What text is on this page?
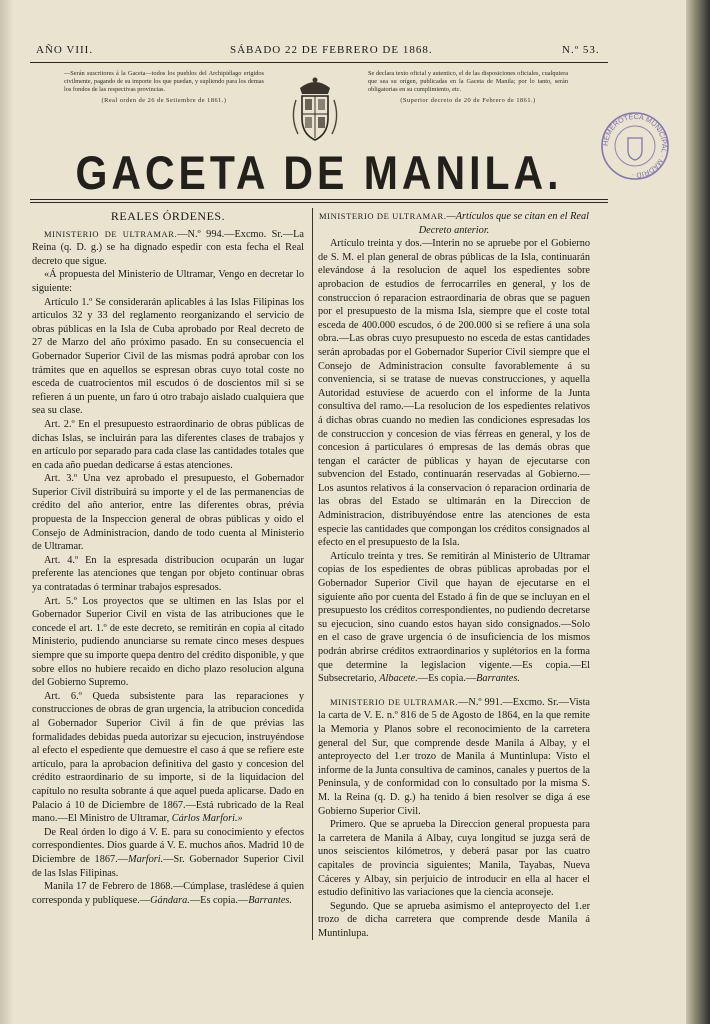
AÑO VIII.	SÁBADO 22 DE FEBRERO DE 1868.	N.º 53.
—Serán suscritores á la Gaceta—todos los pueblos del Archipiélago erigidos civilmente, pagando de su importe los que puedan, y supliendo para los demas los fondos de las respectivas provincias.
(Real orden de 26 de Setiembre de 1861.)
Se declara texto oficial y autentico, el de las disposiciones oficiales, cualquiera que sea su orígen, publicadas en la Gaceta de Manila; por lo tanto, serán obligatorias en su cumplimiento, etc.
(Superior decreto de 20 de Febrero de 1861.)
HEMEROTECA MUNICIPAL · MADRID ·
GACETA DE MANILA.
REALES ÓRDENES.

MINISTERIO DE ULTRAMAR.—N.º 994.—Excmo. Sr.—La Reina (q. D. g.) se ha dignado espedir con esta fecha el Real decreto que sigue.

«Á propuesta del Ministerio de Ultramar, Vengo en decretar lo siguiente:

Artículo 1.º Se considerarán aplicables á las Islas Filipinas los artículos 32 y 33 del reglamento reorganizando el servicio de obras públicas en la Isla de Cuba aprobado por Real decreto de 27 de Marzo del año próximo pasado. En su consecuencia el Gobernador Superior Civil de las mismas podrá aprobar con los trámites que en aquellos se espresan obras cuyo total coste no esceda de cuatrocientos mil escudos ó de doscientos mil si se refieren á un puente, un faro ú otro trabajo aislado cualquiera que sea su clase.

Art. 2.º En el presupuesto estraordinario de obras públicas de dichas Islas, se incluirán para las diferentes clases de trabajos y en artículo por separado para cada clase las cantidades totales que en cada año puedan dedicarse á estas atenciones.

Art. 3.º Una vez aprobado el presupuesto, el Gobernador Superior Civil distribuirá su importe y el de las permanencias de crédito del año anterior, entre las diferentes obras, prévia propuesta de la Inspeccion general de obras públicas y oido el Consejo de Administracion, dando de todo cuenta al Ministerio de Ultramar.

Art. 4.º En la espresada distribucion ocuparán un lugar preferente las atenciones que tengan por objeto continuar obras ya contratadas ó terminar trabajos espresados.

Art. 5.º Los proyectos que se ultimen en las Islas por el Gobernador Superior Civil en vista de las atribuciones que le concede el art. 1.º de este decreto, se remitirán en copia al citado Ministerio, pudiendo anunciarse su remate cinco meses despues siempre que su importe quepa dentro del crédito disponible, y que sobre ellos no hubiere recaido en dicho plazo resolucion alguna del Gobierno Supremo.

Art. 6.º Queda subsistente para las reparaciones y construcciones de obras de gran urgencia, la atribucion concedida al Gobernador Superior Civil á fin de que prévias las formalidades debidas pueda autorizar su ejecucion, instruyéndose al efecto el espediente que demuestre el caso á que se refiere este artículo, para la aprobacion definitiva del gasto y concesion del crédito estraordinario de su importe, si de la liquidacion del capítulo no resulta sobrante á que aquel pueda aplicarse. Dado en Palacio á 10 de Diciembre de 1867.—Está rubricado de la Real mano.—El Ministro de Ultramar, Cárlos Marfori.»

De Real órden lo digo á V. E. para su conocimiento y efectos correspondientes. Dios guarde á V. E. muchos años. Madrid 10 de Diciembre de 1867.—Marfori.—Sr. Gobernador Superior Civil de las Islas Filipinas.

Manila 17 de Febrero de 1868.—Cúmplase, traslédese á quien corresponda y publíquese.—Gándara.—Es copia.—Barrantes.

MINISTERIO DE ULTRAMAR.—Artículos que se citan en el Real Decreto anterior.

Artículo treinta y dos.—Interin no se apruebe por el Gobierno de S. M. el plan general de obras públicas de la Isla, continuarán elevándose á la resolucion de aquel los espedientes sobre aprobacion de estudios de ferrocarriles en general, y los de construccion ó reparacion estraordinaria de obras que se paguen por el presupuesto de la misma Isla, siempre que el coste total esceda de 400.000 escudos, ó de 200.000 si se refiere á una sola obra.—Las obras cuyo presupuesto no esceda de estas cantidades serán aprobadas por el Gobernador Superior Civil siempre que el Consejo de Administracion consulte favorablemente á su conveniencia, si se tratase de nuevas construcciones, y aquella Autoridad estuviese de acuerdo con el informe de la Junta consultiva del ramo.—La resolucion de los espedientes relativos á dichas obras cuando no medien las condiciones espresadas los de construccion y concesion de vias férreas en general, y los de concesion á particulares ó empresas de las demás obras que tengan el carácter de públicas y hayan de ejecutarse con subvencion del Estado, continuarán reservadas al Gobierno.—Los asuntos relativos á la conservacion ó reparacion ordinaria de las obras del Estado se ultimarán en la Direccion de Administracion, distribuyéndose entre las atenciones de esta especie las cantidades que compongan los créditos consignados al efecto en el presupuesto de la Isla.

Artículo treinta y tres. Se remitirán al Ministerio de Ultramar copias de los espedientes de obras públicas aprobadas por el Gobernador Superior Civil que hayan de ejecutarse en el siguiente año por cuenta del Estado á fin de que se incluyan en el presupuesto los créditos correspondientes, no pudiendo decretarse su ejecucion, sino cuando estos hayan sido consignados.—Solo en el caso de grave urgencia ó de insuficiencia de los mismos podrán abrirse créditos extraordinarios y suplétorios en la forma que determine la legislacion vigente.—Es copia.—El Subsecretario, Albacete.—Es copia.—Barrantes.

MINISTERIO DE ULTRAMAR.—N.º 991.—Excmo. Sr.—Vista la carta de V. E. n.º 816 de 5 de Agosto de 1864, en la que remite la Memoria y Planos sobre el reconocimiento de la carretera general del Sur, que comprende desde Manila á Albay, y el anteproyecto del 1.er trozo de Manila á Muntinlupa: Visto el informe de la Junta consultiva de caminos, canales y puertos de la Peninsula, y de conformidad con lo consultado por la misma S. M. la Reina (q. D. g.) ha tenido á bien resolver se diga á ese Gobierno Superior Civil.

Primero. Que se aprueba la Direccion general propuesta para la carretera de Manila á Albay, cuya longitud se juzga será de unos seiscientos kilómetros, y deberá pasar por las cuatro capitales de provincia siguientes; Manila, Tayabas, Nueva Cáceres y Albay, sin perjuicio de introducir en ella al hacer el estudio definitivo las variaciones que la ciencia aconseje.

Segundo. Que se aprueba asimismo el anteproyecto del 1.er trozo de dicha carretera que comprende desde Manila á Muntinlupa.
